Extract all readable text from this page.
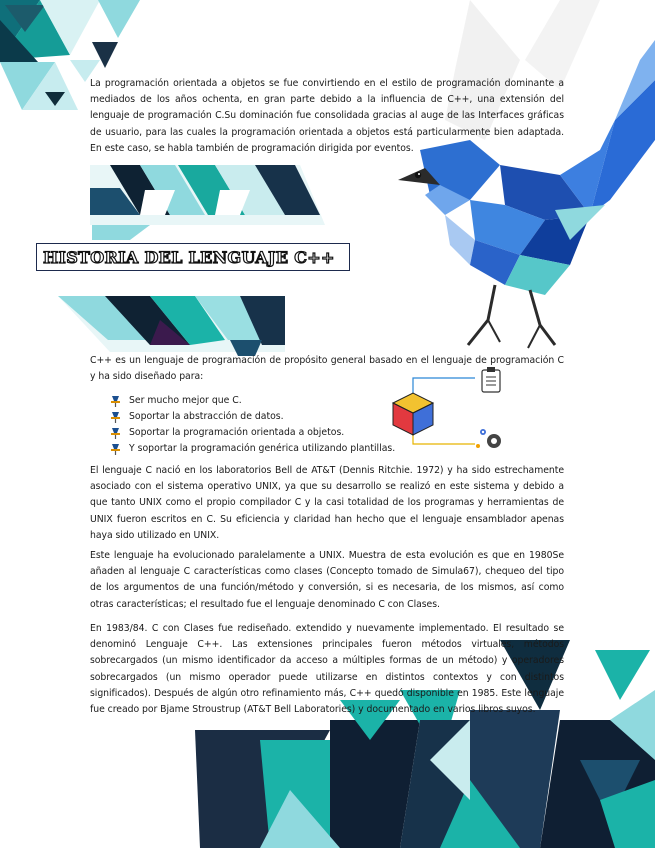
La programación orientada a objetos se fue convirtiendo en el estilo de programación dominante a mediados de los años ochenta, en gran parte debido a la influencia de C++, una extensión del lenguaje de programación C.Su dominación fue consolidada gracias al auge de las Interfaces gráficas de usuario, para las cuales la programación orientada a objetos está particularmente bien adaptada. En este caso, se habla también de programación dirigida por eventos.

HISTORIA DEL LENGUAJE C++

C++ es un lenguaje de programación de propósito general basado en el lenguaje de programación C y ha sido diseñado para:

Ser mucho mejor que C.
Soportar la abstracción de datos.
Soportar la programación orientada a objetos.
Y soportar la programación genérica utilizando plantillas.

El lenguaje C nació en los laboratorios Bell de AT&T (Dennis Ritchie. 1972) y ha sido estrechamente asociado con el sistema operativo UNIX, ya que su desarrollo se realizó en este sistema y debido a que tanto UNIX como el propio compilador C y la casi totalidad de los programas y herramientas de UNIX fueron escritos en C. Su eficiencia y claridad han hecho que el lenguaje ensamblador apenas haya sido utilizado en UNIX.

Este lenguaje ha evolucionado paralelamente a UNIX. Muestra de esta evolución es que en 1980Se añaden al lenguaje C características como clases (Concepto tomado de Simula67), chequeo del tipo de los argumentos de una función/método y conversión, si es necesaria, de los mismos, así como otras características; el resultado fue el lenguaje denominado C con Clases.

En 1983/84. C con Clases fue rediseñado. extendido y nuevamente implementado. El resultado se denominó Lenguaje C++. Las extensiones principales fueron métodos virtuales, métodos sobrecargados (un mismo identificador da acceso a múltiples formas de un método) y operadores sobrecargados (un mismo operador puede utilizarse en distintos contextos y con distintos significados). Después de algún otro refinamiento más, C++ quedó disponible en 1985. Este lenguaje fue creado por Bjame Stroustrup (AT&T Bell Laboratories) y documentado en varios libros suyos.
